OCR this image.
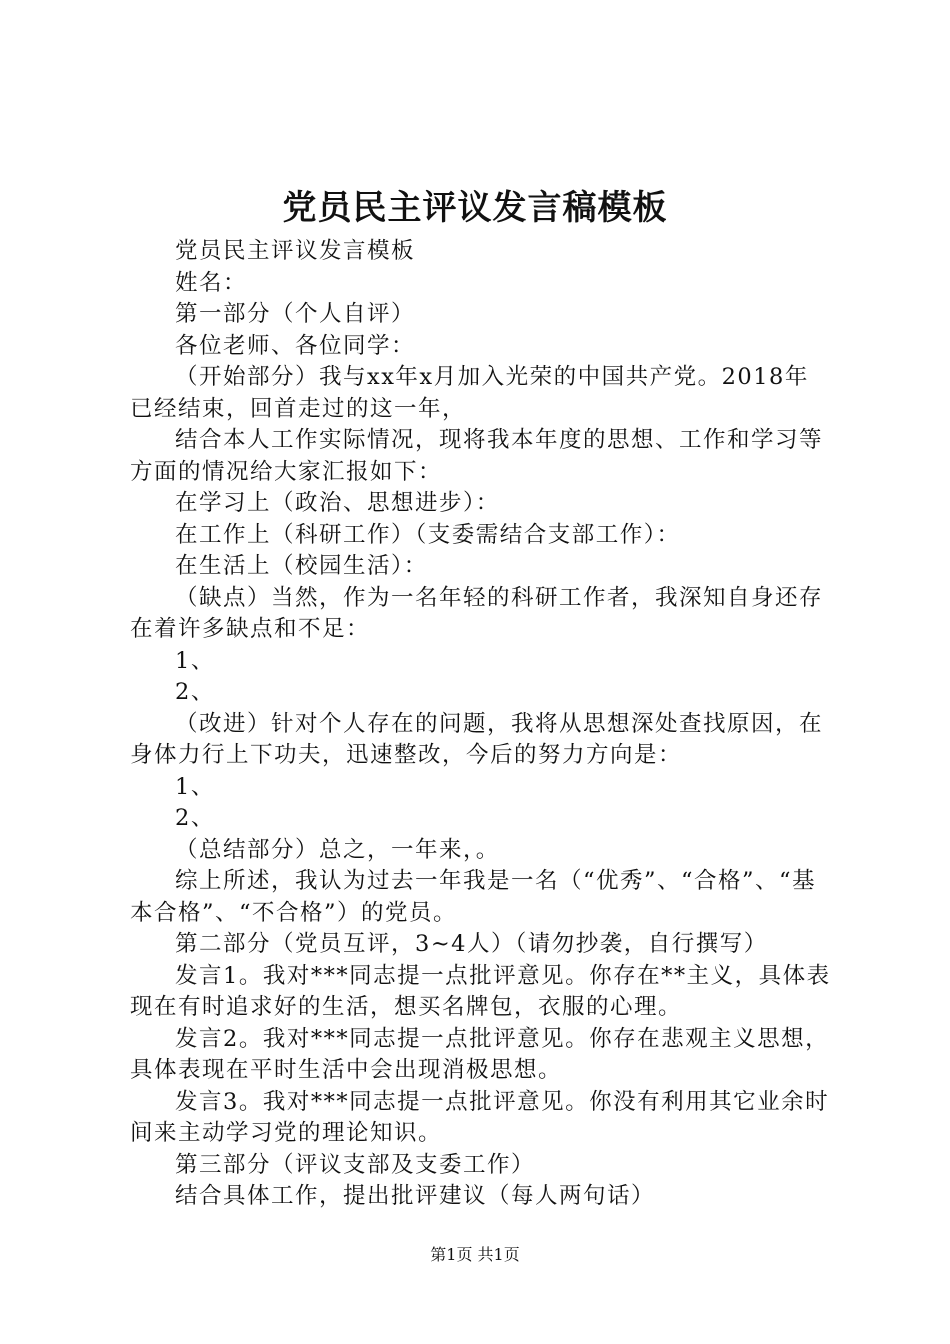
党员民主评议发言稿模板

党员民主评议发言模板

姓名：

第一部分（个人自评）

各位老师、各位同学：

（开始部分）我与xx年x月加入光荣的中国共产党。2018年已经结束，回首走过的这一年，

结合本人工作实际情况，现将我本年度的思想、工作和学习等方面的情况给大家汇报如下：

在学习上（政治、思想进步）：

在工作上（科研工作）（支委需结合支部工作）：

在生活上（校园生活）：

（缺点）当然，作为一名年轻的科研工作者，我深知自身还存在着许多缺点和不足：

1、

2、

（改进）针对个人存在的问题，我将从思想深处查找原因，在身体力行上下功夫，迅速整改，今后的努力方向是：

1、

2、

（总结部分）总之，一年来，。

综上所述，我认为过去一年我是一名（“优秀”、“合格”、“基本合格”、“不合格”）的党员。

第二部分（党员互评，3~4人）（请勿抄袭，自行撰写）

发言1。我对***同志提一点批评意见。你存在**主义，具体表现在有时追求好的生活，想买名牌包，衣服的心理。

发言2。我对***同志提一点批评意见。你存在悲观主义思想，具体表现在平时生活中会出现消极思想。

发言3。我对***同志提一点批评意见。你没有利用其它业余时间来主动学习党的理论知识。

第三部分（评议支部及支委工作）

结合具体工作，提出批评建议（每人两句话）

第1页 共1页
